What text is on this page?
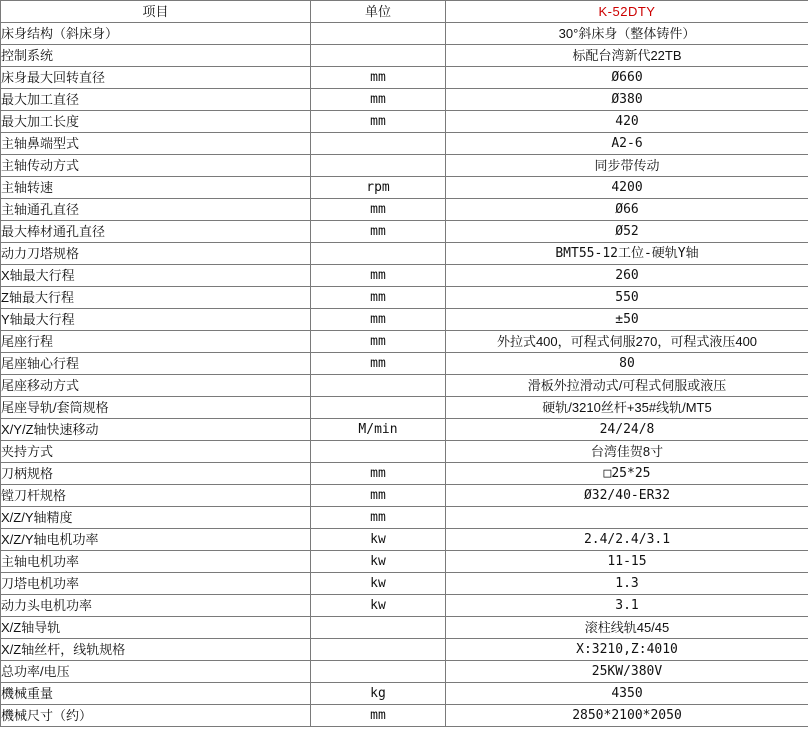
项目	单位	K-52DTY
床身结构（斜床身）		30°斜床身（整体铸件）
控制系统		标配台湾新代22TB
床身最大回转直径	mm	Ø660
最大加工直径	mm	Ø380
最大加工长度	mm	420
主轴鼻端型式		A2-6
主轴传动方式		同步带传动
主轴转速	rpm	4200
主轴通孔直径	mm	Ø66
最大棒材通孔直径	mm	Ø52
动力刀塔规格		BMT55-12工位-硬轨Y轴
X轴最大行程	mm	260
Z轴最大行程	mm	550
Y轴最大行程	mm	±50
尾座行程	mm	外拉式400，可程式伺服270，可程式液压400
尾座轴心行程	mm	80
尾座移动方式		滑板外拉滑动式/可程式伺服或液压
尾座导轨/套筒规格		硬轨/3210丝杆+35#线轨/MT5
X/Y/Z轴快速移动	M/min	24/24/8
夹持方式		台湾佳贺8寸
刀柄规格	mm	□25*25
镗刀杆规格	mm	Ø32/40-ER32
X/Z/Y轴精度	mm	
X/Z/Y轴电机功率	kw	2.4/2.4/3.1
主轴电机功率	kw	11-15
刀塔电机功率	kw	1.3
动力头电机功率	kw	3.1
X/Z轴导轨		滚柱线轨45/45
X/Z轴丝杆，线轨规格		X:3210,Z:4010
总功率/电压		25KW/380V
機械重量	kg	4350
機械尺寸（约）	mm	2850*2100*2050
